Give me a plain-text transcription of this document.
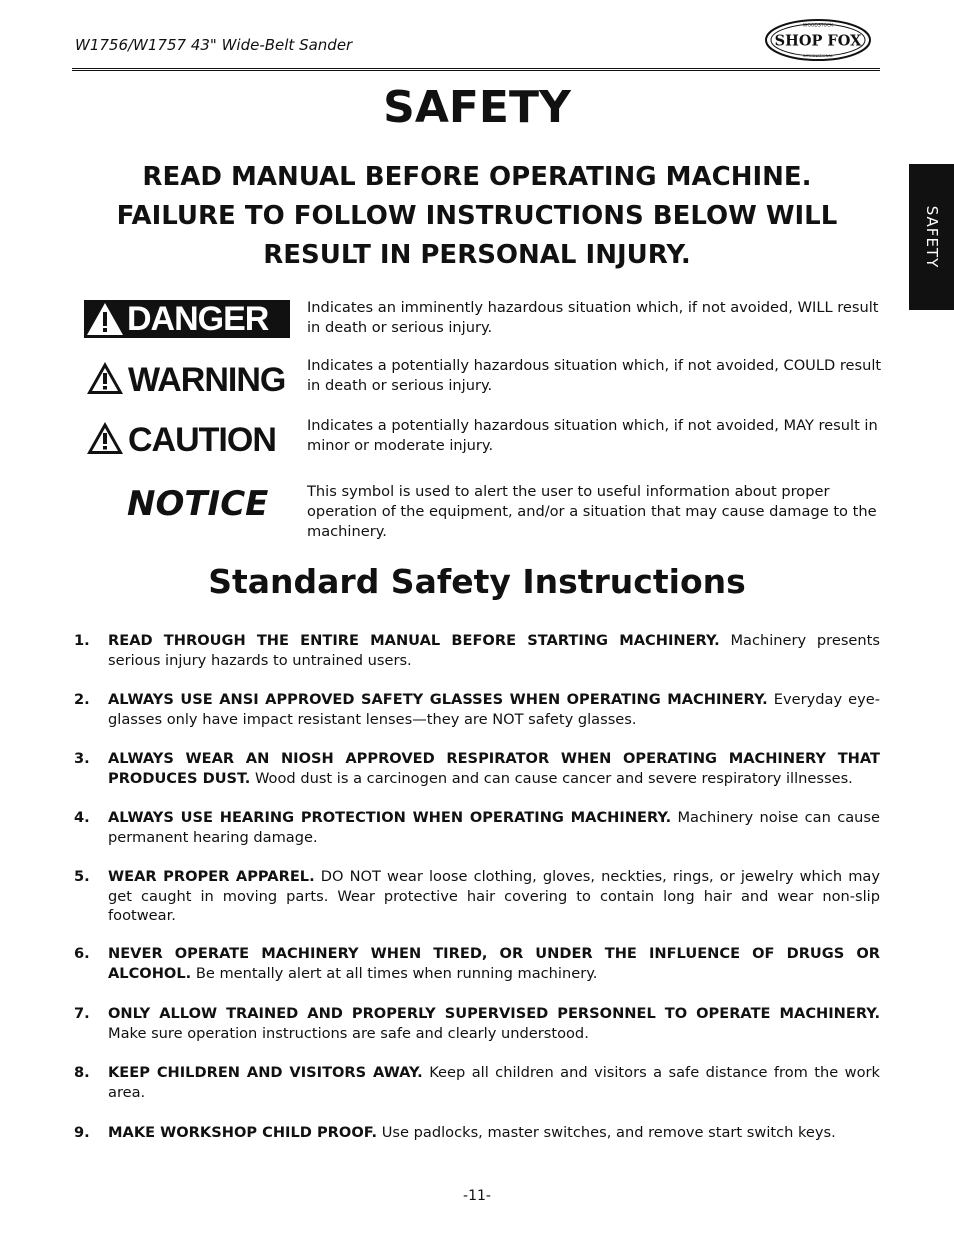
W1756/W1757 43" Wide-Belt Sander
WOODSTOCK
SHOP FOX
INTERNATIONAL
SAFETY
SAFETY
READ MANUAL BEFORE OPERATING MACHINE.
FAILURE TO FOLLOW INSTRUCTIONS BELOW WILL
RESULT IN PERSONAL INJURY.
DANGER	Indicates an imminently hazardous situation which, if not avoided, WILL result in death or serious injury.
WARNING Indicates a potentially hazardous situation which, if not avoided, COULD result in death or serious injury.
CAUTION Indicates a potentially hazardous situation which, if not avoided, MAY result in minor or moderate injury.
NOTICE	This symbol is used to alert the user to useful information about proper operation of the equipment, and/or a situation that may cause damage to the machinery.
Standard Safety Instructions
1. READ THROUGH THE ENTIRE MANUAL BEFORE STARTING MACHINERY. Machinery presents serious injury hazards to untrained users.
2. ALWAYS USE ANSI APPROVED SAFETY GLASSES WHEN OPERATING MACHINERY. Everyday eye-glasses only have impact resistant lenses—they are NOT safety glasses.
3. ALWAYS WEAR AN NIOSH APPROVED RESPIRATOR WHEN OPERATING MACHINERY THAT PRODUCES DUST. Wood dust is a carcinogen and can cause cancer and severe respiratory illnesses.
4. ALWAYS USE HEARING PROTECTION WHEN OPERATING MACHINERY. Machinery noise can cause permanent hearing damage.
5. WEAR PROPER APPAREL. DO NOT wear loose clothing, gloves, neckties, rings, or jewelry which may get caught in moving parts. Wear protective hair covering to contain long hair and wear non-slip footwear.
6. NEVER OPERATE MACHINERY WHEN TIRED, OR UNDER THE INFLUENCE OF DRUGS OR ALCOHOL. Be mentally alert at all times when running machinery.
7. ONLY ALLOW TRAINED AND PROPERLY SUPERVISED PERSONNEL TO OPERATE MACHINERY. Make sure operation instructions are safe and clearly understood.
8. KEEP CHILDREN AND VISITORS AWAY. Keep all children and visitors a safe distance from the work area.
9. MAKE WORKSHOP CHILD PROOF. Use padlocks, master switches, and remove start switch keys.
-11-
